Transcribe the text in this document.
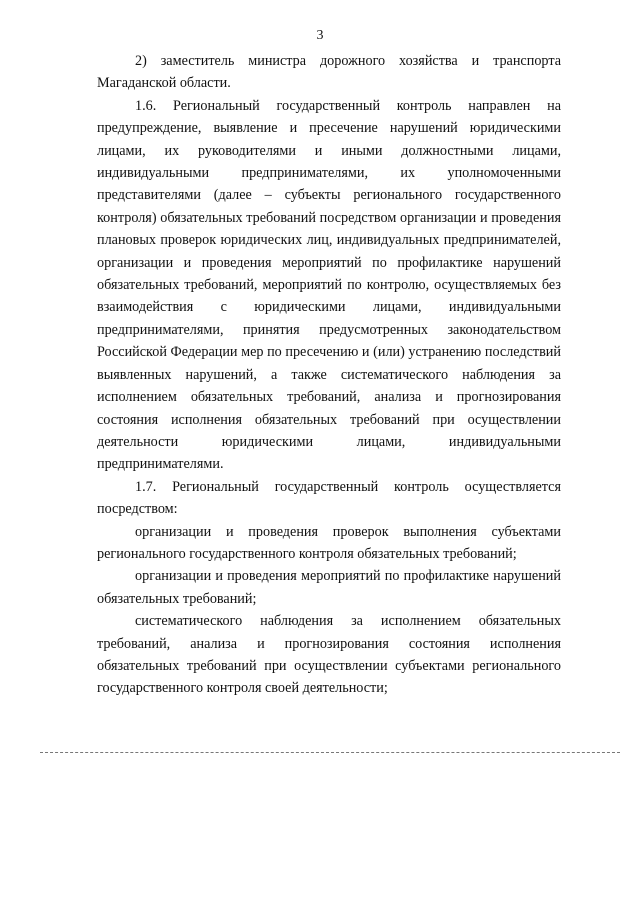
3

2) заместитель министра дорожного хозяйства и транспорта Магаданской области.

1.6. Региональный государственный контроль направлен на предупреждение, выявление и пресечение нарушений юридическими лицами, их руководителями и иными должностными лицами, индивидуальными предпринимателями, их уполномоченными представителями (далее – субъекты регионального государственного контроля) обязательных требований посредством организации и проведения плановых проверок юридических лиц, индивидуальных предпринимателей, организации и проведения мероприятий по профилактике нарушений обязательных требований, мероприятий по контролю, осуществляемых без взаимодействия с юридическими лицами, индивидуальными предпринимателями, принятия предусмотренных законодательством Российской Федерации мер по пресечению и (или) устранению последствий выявленных нарушений, а также систематического наблюдения за исполнением обязательных требований, анализа и прогнозирования состояния исполнения обязательных требований при осуществлении деятельности юридическими лицами, индивидуальными предпринимателями.

1.7. Региональный государственный контроль осуществляется посредством:

организации и проведения проверок выполнения субъектами регионального государственного контроля обязательных требований;

организации и проведения мероприятий по профилактике нарушений обязательных требований;

систематического наблюдения за исполнением обязательных требований, анализа и прогнозирования состояния исполнения обязательных требований при осуществлении субъектами регионального государственного контроля своей деятельности;
